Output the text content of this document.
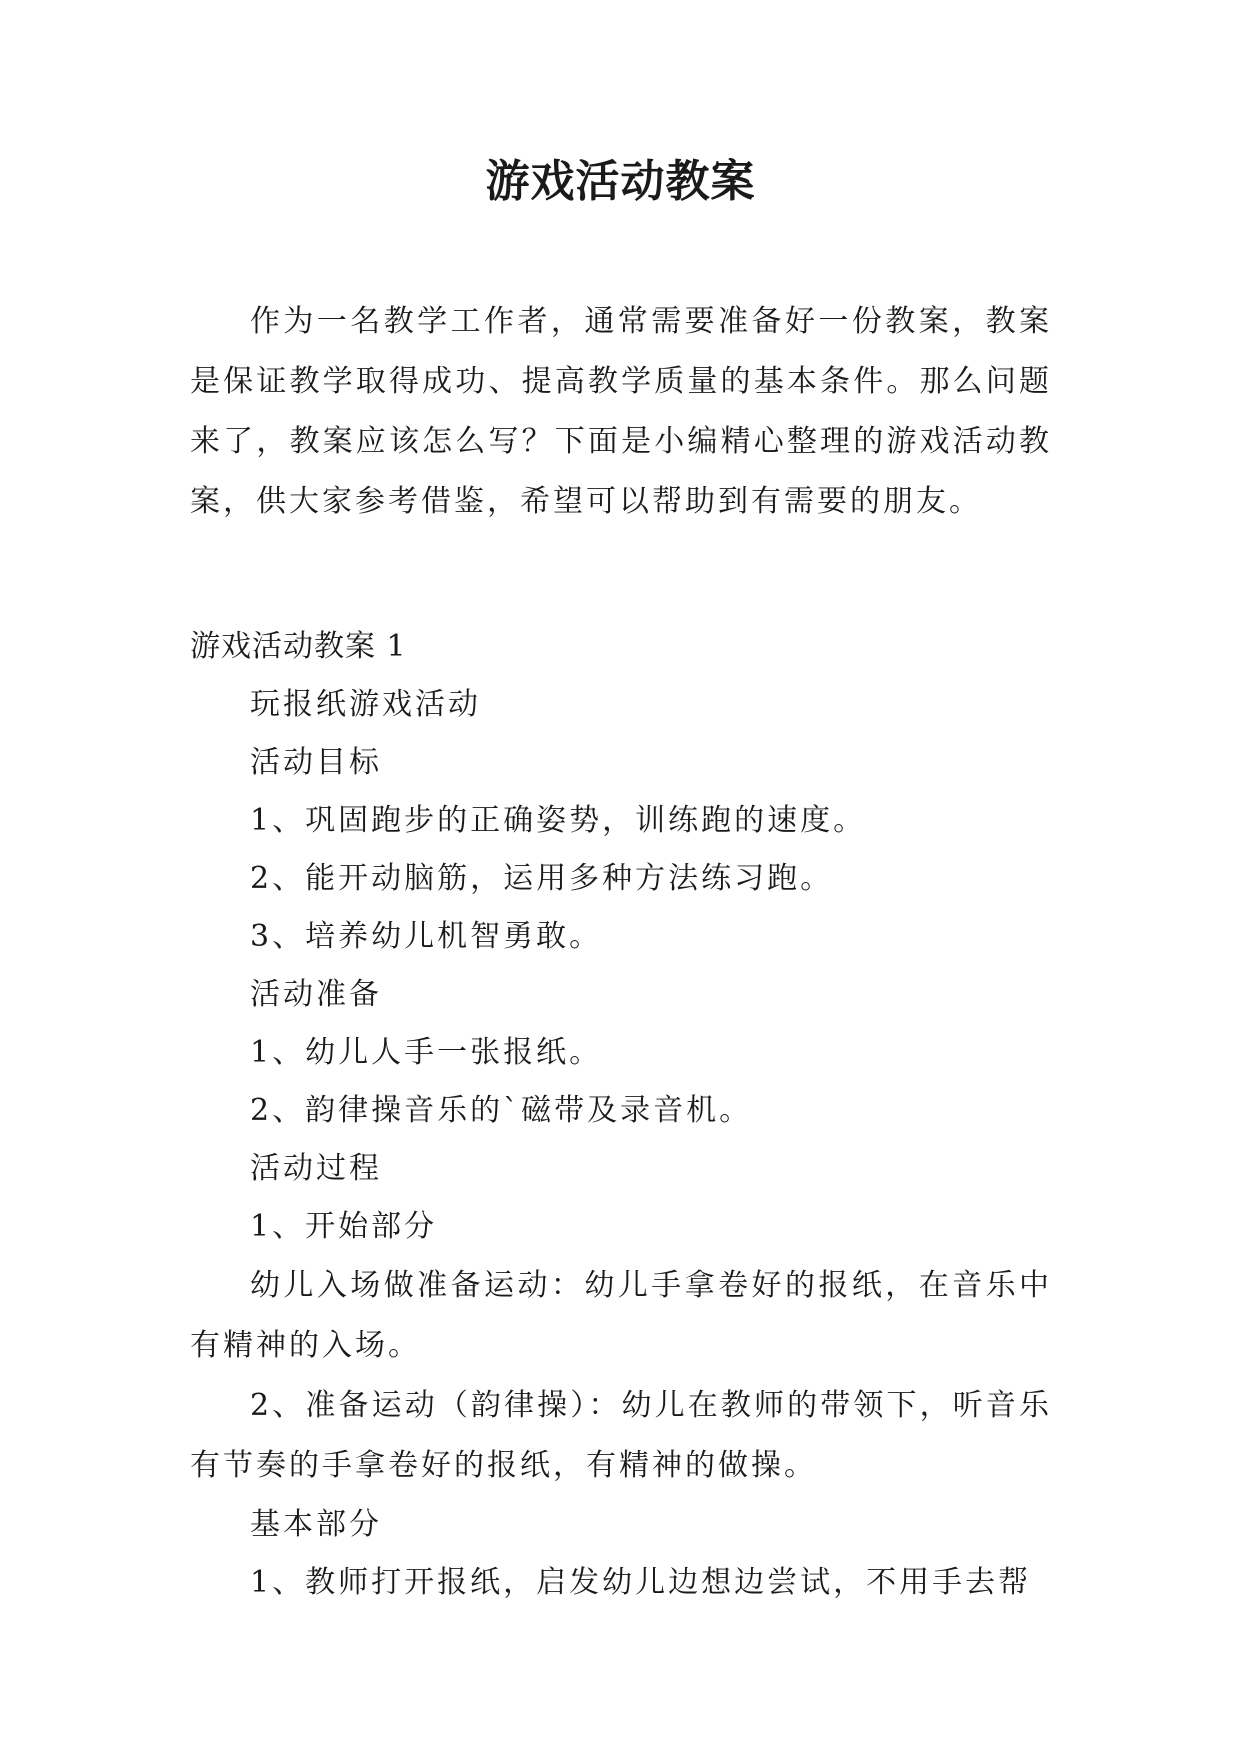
游戏活动教案

作为一名教学工作者，通常需要准备好一份教案，教案是保证教学取得成功、提高教学质量的基本条件。那么问题来了，教案应该怎么写？下面是小编精心整理的游戏活动教案，供大家参考借鉴，希望可以帮助到有需要的朋友。

游戏活动教案 1

玩报纸游戏活动

活动目标

1、巩固跑步的正确姿势，训练跑的速度。

2、能开动脑筋，运用多种方法练习跑。

3、培养幼儿机智勇敢。

活动准备

1、幼儿人手一张报纸。

2、韵律操音乐的`磁带及录音机。

活动过程

1、开始部分

幼儿入场做准备运动：幼儿手拿卷好的报纸，在音乐中有精神的入场。

2、准备运动（韵律操）：幼儿在教师的带领下，听音乐有节奏的手拿卷好的报纸，有精神的做操。

基本部分

1、教师打开报纸，启发幼儿边想边尝试，不用手去帮
